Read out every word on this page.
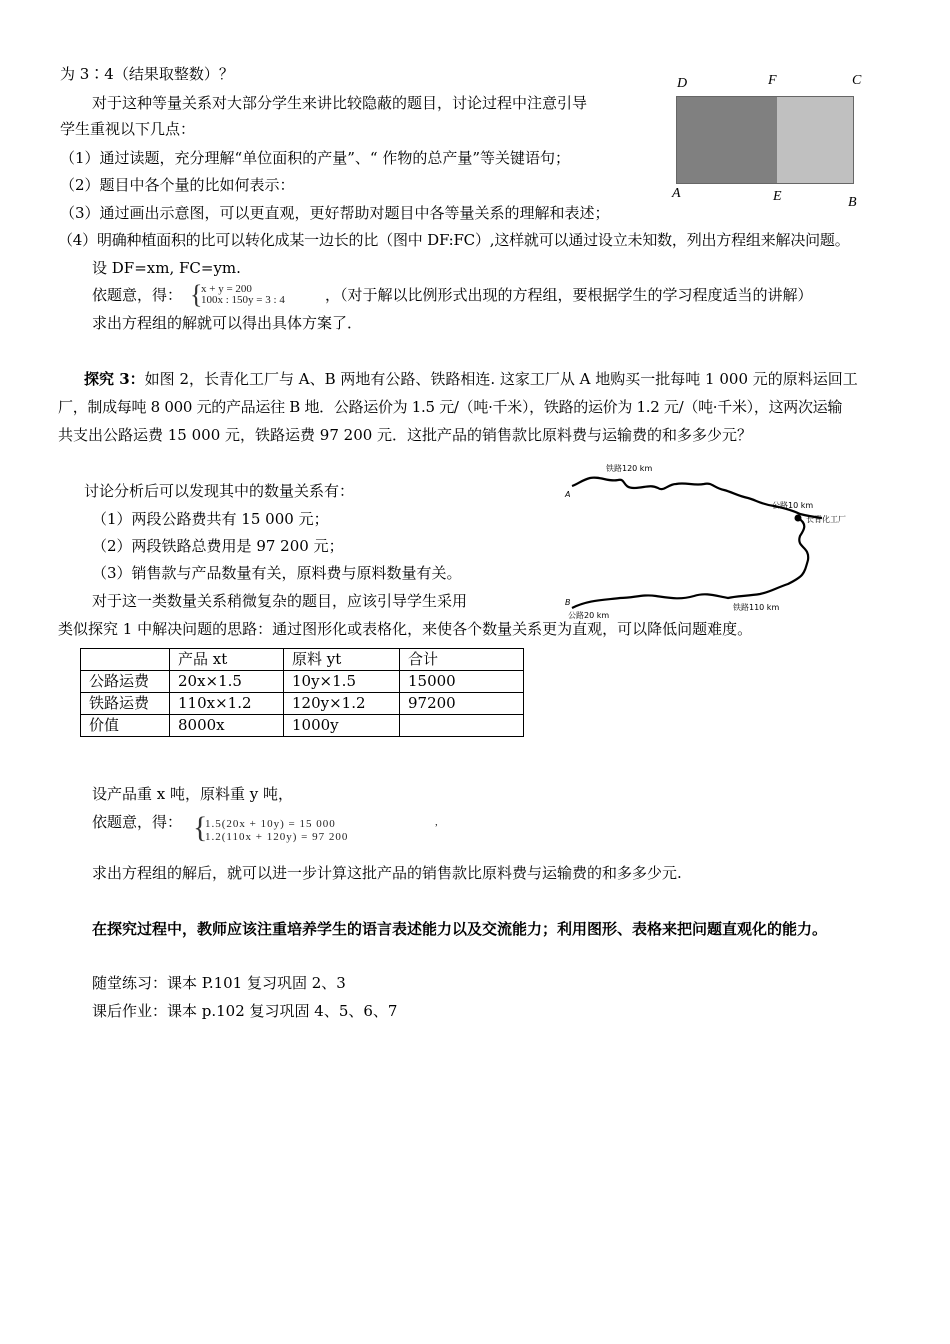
为 3∶4（结果取整数）？
对于这种等量关系对大部分学生来讲比较隐蔽的题目，讨论过程中注意引导
学生重视以下几点：
（1）通过读题，充分理解“单位面积的产量”、“ 作物的总产量”等关键语句；
（2）题目中各个量的比如何表示：
（3）通过画出示意图，可以更直观，更好帮助对题目中各等量关系的理解和表述；
（4）明确种植面积的比可以转化成某一边长的比（图中 DF:FC）,这样就可以通过设立未知数，列出方程组来解决问题。
设 DF=xm, FC=ym.
依题意，得： {
x + y = 200
100x : 150y = 3 : 4	，（对于解以比例形式出现的方程组，要根据学生的学习程度适当的讲解）
求出方程组的解就可以得出具体方案了．
D	F	C
A	E	B
探究 3：如图 2，长青化工厂与 A、B 两地有公路、铁路相连. 这家工厂从 A 地购买一批每吨 1 000 元的原料运回工
厂，制成每吨 8 000 元的产品运往 B 地．公路运价为 1.5 元/（吨·千米），铁路的运价为 1.2 元/（吨·千米），这两次运输
共支出公路运费 15 000 元，铁路运费 97 200 元．这批产品的销售款比原料费与运输费的和多多少元？
讨论分析后可以发现其中的数量关系有：
（1）两段公路费共有 15 000 元；
（2）两段铁路总费用是 97 200 元；
（3）销售款与产品数量有关，原料费与原料数量有关。
对于这一类数量关系稍微复杂的题目，应该引导学生采用
类似探究 1 中解决问题的思路：通过图形化或表格化，来使各个数量关系更为直观，可以降低问题难度。
铁路120 km
公路10 km
长青化工厂
A
B
公路20 km
铁路110 km
	产品 xt	原料 yt	合计
公路运费	20x×1.5	10y×1.5	15000
铁路运费	110x×1.2	120y×1.2	97200
价值	8000x	1000y	
设产品重 x 吨，原料重 y 吨，
依题意，得： {
1.5(20x + 10y) = 15 000
1.2(110x + 120y) = 97 200
,
求出方程组的解后，就可以进一步计算这批产品的销售款比原料费与运输费的和多多少元.
在探究过程中，教师应该注重培养学生的语言表述能力以及交流能力；利用图形、表格来把问题直观化的能力。
随堂练习：课本 P.101 复习巩固 2、3
课后作业：课本 p.102 复习巩固 4、5、6、7
